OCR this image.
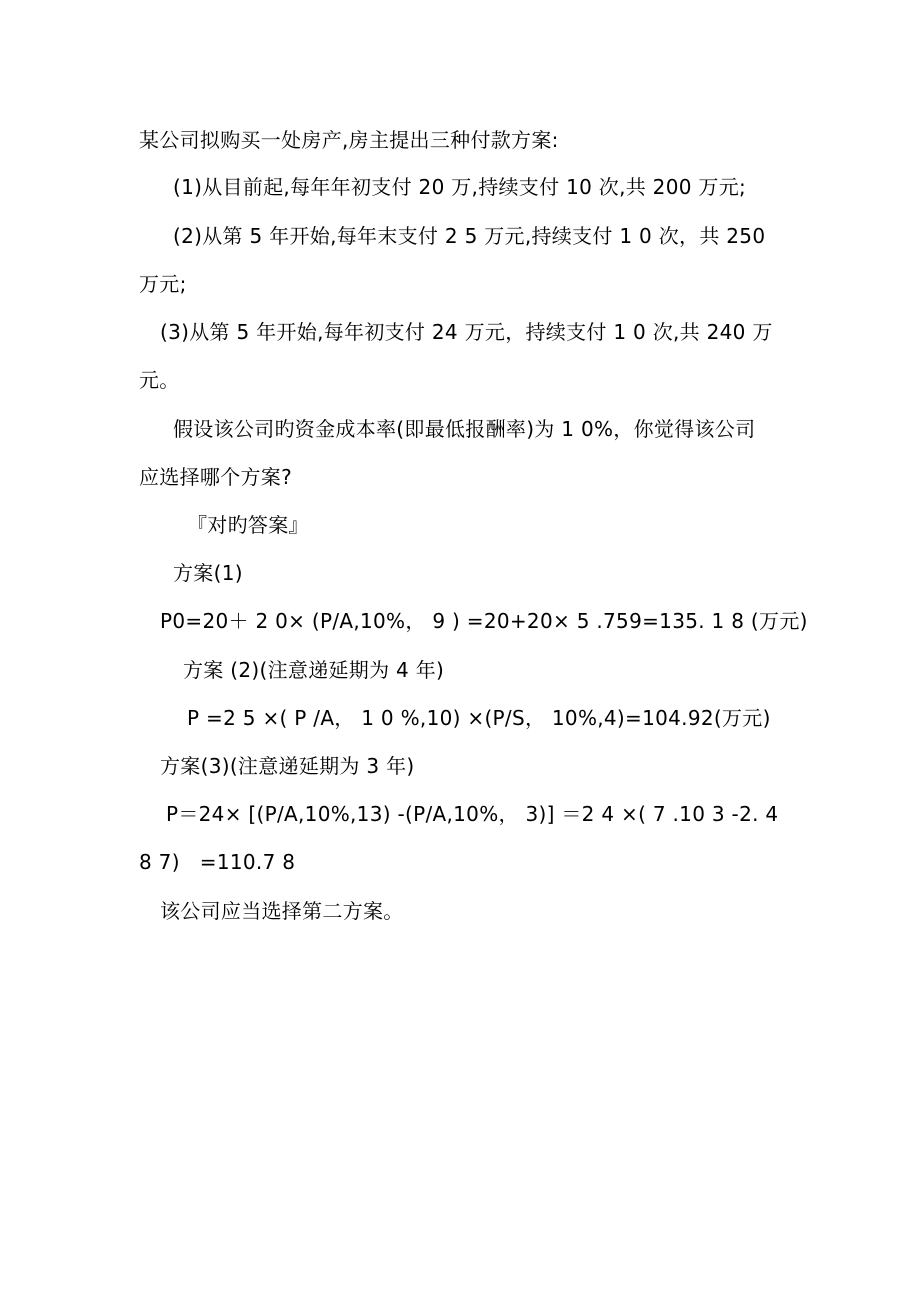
某公司拟购买一处房产,房主提出三种付款方案:
(1)从目前起,每年年初支付 20 万,持续支付 10 次,共 200 万元;
(2)从第 5 年开始,每年末支付 2 5 万元,持续支付 1 0 次，共 250
万元;
(3)从第 5 年开始,每年初支付 24 万元，持续支付 1 0 次,共 240 万
元。
假设该公司旳资金成本率(即最低报酬率)为 1 0%，你觉得该公司
应选择哪个方案?
『对旳答案』
方案(1)
P0=20＋ 2 0× (P/A,10%， 9 ) =20+20× 5 .759=135. 1 8 (万元)
方案 (2)(注意递延期为 4 年)
P =2 5 ×( P /A， 1 0 %,10) ×(P/S， 10%,4)=104.92(万元)
方案(3)(注意递延期为 3 年)
P＝24× [(P/A,10%,13) -(P/A,10%， 3)] ＝2 4 ×( 7 .10 3 -2. 4
8 7)   =110.7 8
该公司应当选择第二方案。
